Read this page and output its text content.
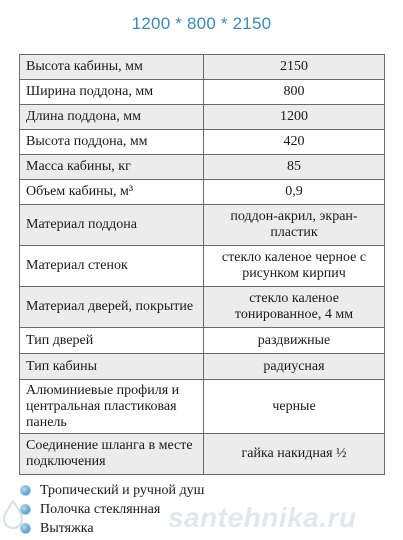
1200 * 800 * 2150
Высота кабины, мм	2150
Ширина поддона, мм	800
Длина поддона, мм	1200
Высота поддона, мм	420
Масса кабины, кг	85
Объем кабины, м³	0,9
Материал поддона	поддон-акрил, экран-пластик
Материал стенок	стекло каленое черное с рисунком кирпич
Материал дверей, покрытие	стекло каленое тонированное, 4 мм
Тип дверей	раздвижные
Тип кабины	радиусная
Алюминиевые профиля и центральная пластиковая панель	черные
Соединение шланга в месте подключения	гайка накидная ½
Тропический и ручной душ
Полочка стеклянная
Вытяжка	santehnika.ru
